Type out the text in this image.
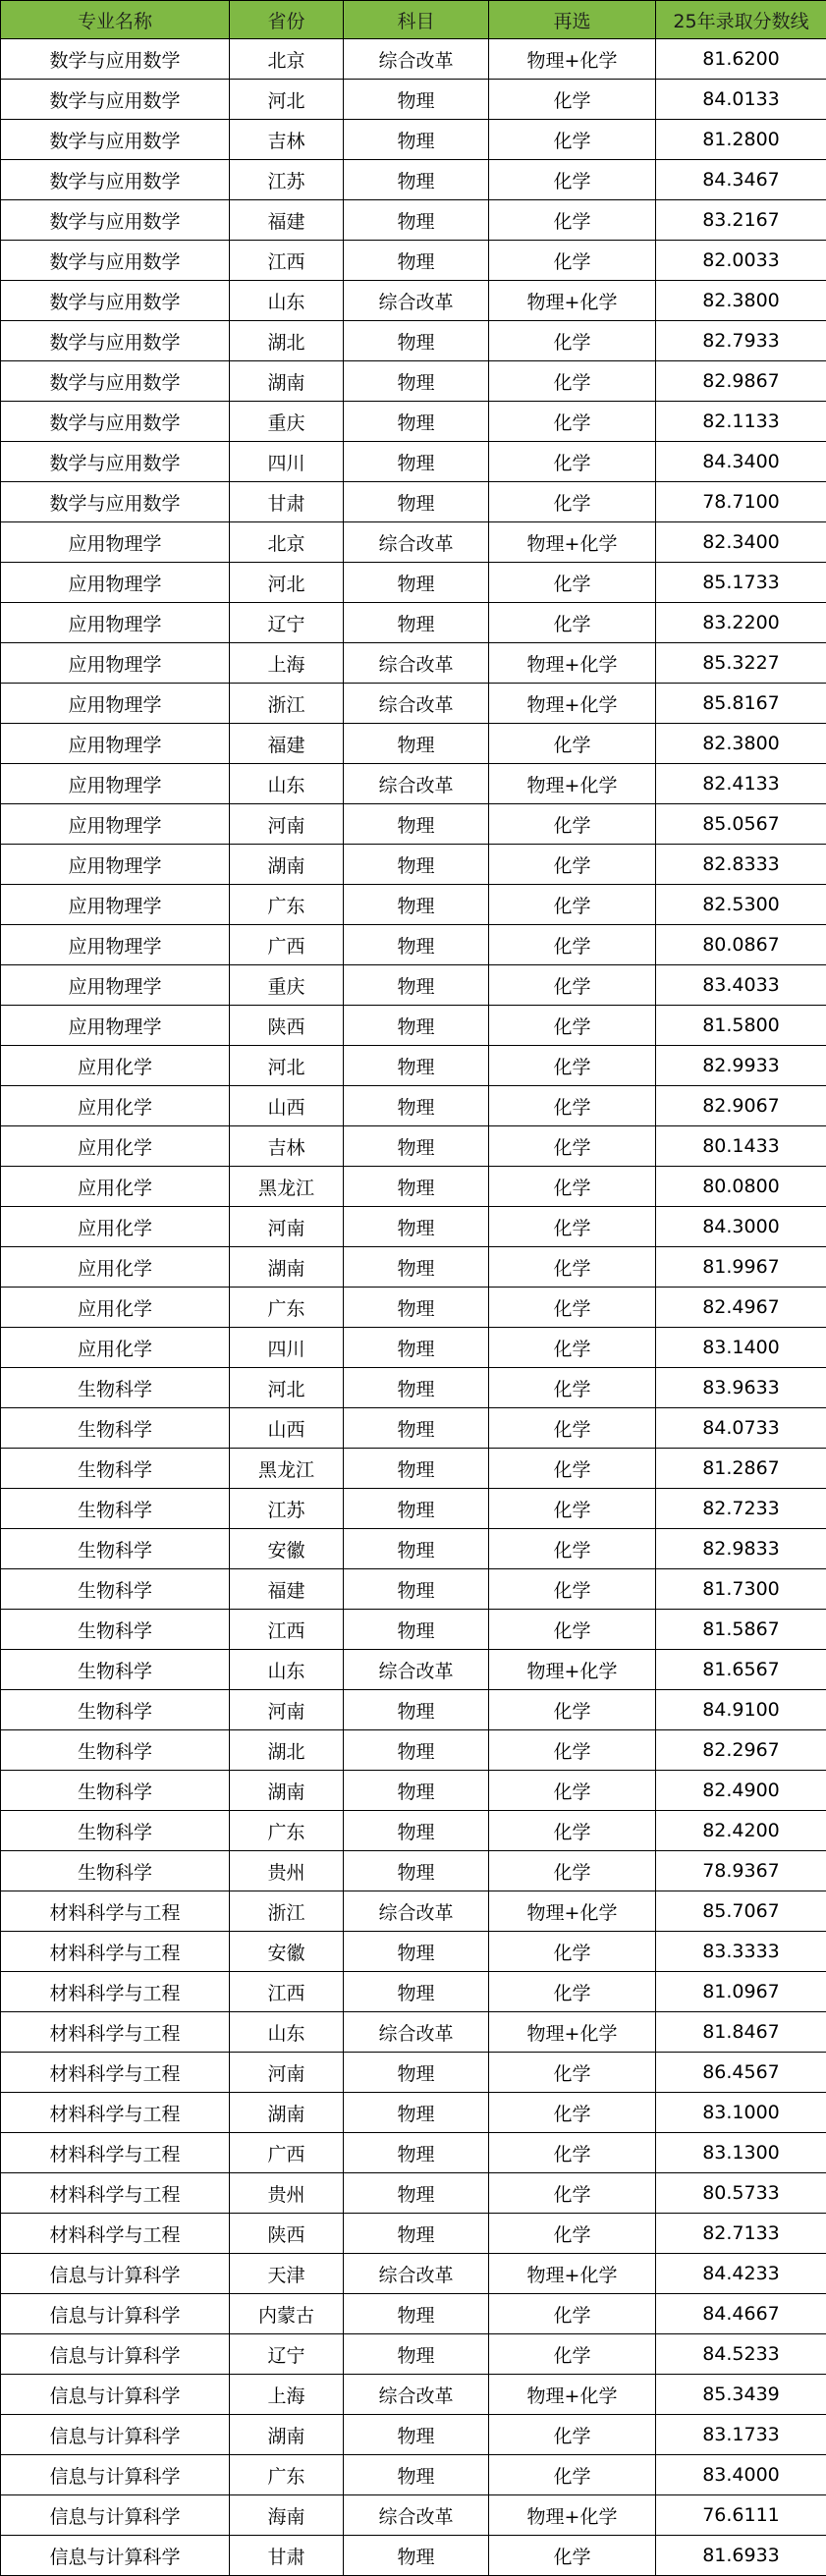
专业名称	省份	科目	再选	25年录取分数线
数学与应用数学	北京	综合改革	物理+化学	81.6200
数学与应用数学	河北	物理	化学	84.0133
数学与应用数学	吉林	物理	化学	81.2800
数学与应用数学	江苏	物理	化学	84.3467
数学与应用数学	福建	物理	化学	83.2167
数学与应用数学	江西	物理	化学	82.0033
数学与应用数学	山东	综合改革	物理+化学	82.3800
数学与应用数学	湖北	物理	化学	82.7933
数学与应用数学	湖南	物理	化学	82.9867
数学与应用数学	重庆	物理	化学	82.1133
数学与应用数学	四川	物理	化学	84.3400
数学与应用数学	甘肃	物理	化学	78.7100
应用物理学	北京	综合改革	物理+化学	82.3400
应用物理学	河北	物理	化学	85.1733
应用物理学	辽宁	物理	化学	83.2200
应用物理学	上海	综合改革	物理+化学	85.3227
应用物理学	浙江	综合改革	物理+化学	85.8167
应用物理学	福建	物理	化学	82.3800
应用物理学	山东	综合改革	物理+化学	82.4133
应用物理学	河南	物理	化学	85.0567
应用物理学	湖南	物理	化学	82.8333
应用物理学	广东	物理	化学	82.5300
应用物理学	广西	物理	化学	80.0867
应用物理学	重庆	物理	化学	83.4033
应用物理学	陕西	物理	化学	81.5800
应用化学	河北	物理	化学	82.9933
应用化学	山西	物理	化学	82.9067
应用化学	吉林	物理	化学	80.1433
应用化学	黑龙江	物理	化学	80.0800
应用化学	河南	物理	化学	84.3000
应用化学	湖南	物理	化学	81.9967
应用化学	广东	物理	化学	82.4967
应用化学	四川	物理	化学	83.1400
生物科学	河北	物理	化学	83.9633
生物科学	山西	物理	化学	84.0733
生物科学	黑龙江	物理	化学	81.2867
生物科学	江苏	物理	化学	82.7233
生物科学	安徽	物理	化学	82.9833
生物科学	福建	物理	化学	81.7300
生物科学	江西	物理	化学	81.5867
生物科学	山东	综合改革	物理+化学	81.6567
生物科学	河南	物理	化学	84.9100
生物科学	湖北	物理	化学	82.2967
生物科学	湖南	物理	化学	82.4900
生物科学	广东	物理	化学	82.4200
生物科学	贵州	物理	化学	78.9367
材料科学与工程	浙江	综合改革	物理+化学	85.7067
材料科学与工程	安徽	物理	化学	83.3333
材料科学与工程	江西	物理	化学	81.0967
材料科学与工程	山东	综合改革	物理+化学	81.8467
材料科学与工程	河南	物理	化学	86.4567
材料科学与工程	湖南	物理	化学	83.1000
材料科学与工程	广西	物理	化学	83.1300
材料科学与工程	贵州	物理	化学	80.5733
材料科学与工程	陕西	物理	化学	82.7133
信息与计算科学	天津	综合改革	物理+化学	84.4233
信息与计算科学	内蒙古	物理	化学	84.4667
信息与计算科学	辽宁	物理	化学	84.5233
信息与计算科学	上海	综合改革	物理+化学	85.3439
信息与计算科学	湖南	物理	化学	83.1733
信息与计算科学	广东	物理	化学	83.4000
信息与计算科学	海南	综合改革	物理+化学	76.6111
信息与计算科学	甘肃	物理	化学	81.6933
